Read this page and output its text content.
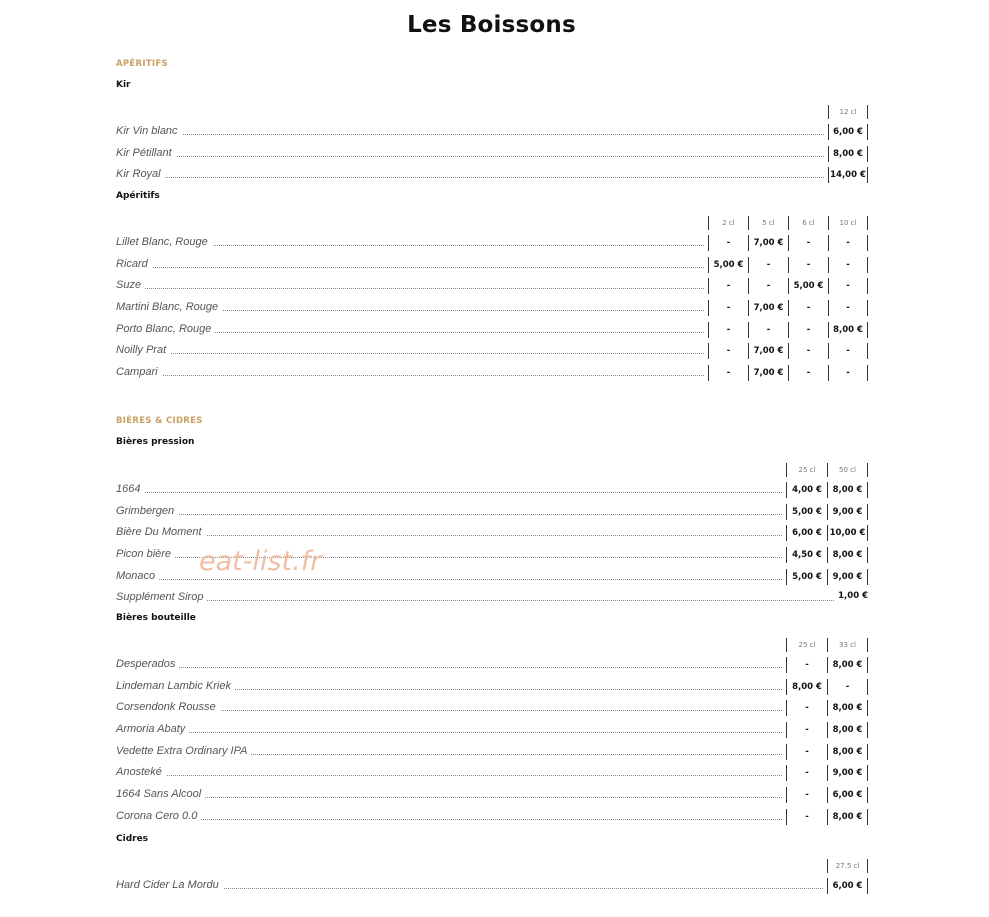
Les Boissons
APÉRITIFS
Kir
12 cl
Kir Vin blanc	6,00 €
Kir Pétillant	8,00 €
Kir Royal	14,00 €
Apéritifs
2 cl	5 cl	6 cl	10 cl
Lillet Blanc, Rouge	-	7,00 €	-	-
Ricard	5,00 €	-	-	-
Suze	-	-	5,00 €	-
Martini Blanc, Rouge	-	7,00 €	-	-
Porto Blanc, Rouge	-	-	-	8,00 €
Noilly Prat	-	7,00 €	-	-
Campari	-	7,00 €	-	-
BIÈRES & CIDRES
Bières pression
25 cl	50 cl
1664	4,00 €	8,00 €
Grimbergen	5,00 €	9,00 €
Bière Du Moment	6,00 € 10,00 €
Picon bière	4,50 €	8,00 €
Monaco	5,00 €	9,00 €
Supplément Sirop	1,00 €
Bières bouteille
25 cl	33 cl
Desperados	-	8,00 €
Lindeman Lambic Kriek	8,00 €	-
Corsendonk Rousse	-	8,00 €
Armoria Abaty	-	8,00 €
Vedette Extra Ordinary IPA	-	8,00 €
Anosteké	-	9,00 €
1664 Sans Alcool	-	6,00 €
Corona Cero 0.0	-	8,00 €
Cidres
27.5 cl
Hard Cider La Mordu	6,00 €
eat-list.fr
